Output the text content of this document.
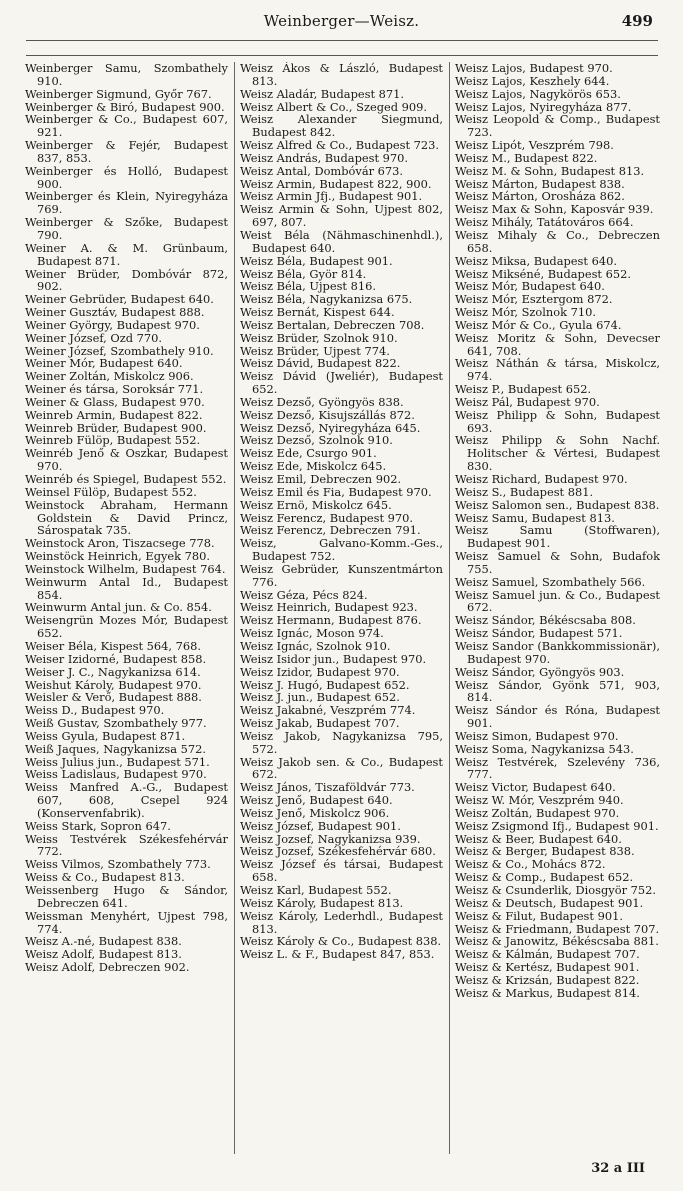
Weinberger—Weisz.	499

Weinberger Samu, Szombathely 910.

Weinberger Sigmund, Győr 767.

Weinberger & Biró, Budapest 900.

Weinberger & Co., Budapest 607, 921.

Weinberger & Fejér, Budapest 837, 853.

Weinberger és Holló, Budapest 900.

Weinberger és Klein, Nyiregyháza 769.

Weinberger & Szőke, Budapest 790.

Weiner A. & M. Grünbaum, Budapest 871.

Weiner Brüder, Dombóvár 872, 902.

Weiner Gebrüder, Budapest 640.

Weiner Gusztáv, Budapest 888.

Weiner György, Budapest 970.

Weiner József, Ozd 770.

Weiner József, Szombathely 910.

Weiner Mór, Budapest 640.

Weiner Zoltán, Miskolcz 906.

Weiner és társa, Soroksár 771.

Weiner & Glass, Budapest 970.

Weinreb Armin, Budapest 822.

Weinreb Brüder, Budapest 900.

Weinreb Fülöp, Budapest 552.

Weinréb Jenő & Oszkar, Budapest 970.

Weinréb és Spiegel, Budapest 552.

Weinsel Fülöp, Budapest 552.

Weinstock Abraham, Hermann Goldstein & David Princz, Sárospatak 735.

Weinstock Aron, Tiszacsege 778.

Weinstöck Heinrich, Egyek 780.

Weinstock Wilhelm, Budapest 764.

Weinwurm Antal Id., Budapest 854.

Weinwurm Antal jun. & Co. 854.

Weisengrün Mozes Mór, Budapest 652.

Weiser Béla, Kispest 564, 768.

Weiser Izidorné, Budapest 858.

Weiser J. C., Nagykanizsa 614.

Weishut Károly, Budapest 970.

Weisler & Verő, Budapest 888.

Weiss D., Budapest 970.

Weiß Gustav, Szombathely 977.

Weiss Gyula, Budapest 871.

Weiß Jaques, Nagykanizsa 572.

Weiss Julius jun., Budapest 571.

Weiss Ladislaus, Budapest 970.

Weiss Manfred A.-G., Budapest 607, 608, Csepel 924 (Konservenfabrik).

Weiss Stark, Sopron 647.

Weiss Testvérek Székesfehérvár 772.

Weiss Vilmos, Szombathely 773.

Weiss & Co., Budapest 813.

Weissenberg Hugo & Sándor, Debreczen 641.

Weissman Menyhért, Ujpest 798, 774.

Weisz A.-né, Budapest 838.

Weisz Adolf, Budapest 813.

Weisz Adolf, Debreczen 902.

Weisz Ákos & László, Budapest 813.

Weisz Aladár, Budapest 871.

Weisz Albert & Co., Szeged 909.

Weisz Alexander Siegmund, Budapest 842.

Weisz Alfred & Co., Budapest 723.

Weisz András, Budapest 970.

Weisz Antal, Dombóvár 673.

Weisz Armin, Budapest 822, 900.

Weisz Armin Jfj., Budapest 901.

Weisz Armin & Sohn, Ujpest 802, 697, 807.

Weist Béla (Nähmaschinenhdl.), Budapest 640.

Weisz Béla, Budapest 901.

Weisz Béla, Györ 814.

Weisz Béla, Ujpest 816.

Weisz Béla, Nagykanizsa 675.

Weisz Bernát, Kispest 644.

Weisz Bertalan, Debreczen 708.

Weisz Brüder, Szolnok 910.

Weisz Brüder, Ujpest 774.

Weisz Dávid, Budapest 822.

Weisz Dávid (Jweliér), Budapest 652.

Weisz Dezső, Gyöngyös 838.

Weisz Dezső, Kisujszállás 872.

Weisz Dezső, Nyiregyháza 645.

Weisz Dezső, Szolnok 910.

Weisz Ede, Csurgo 901.

Weisz Ede, Miskolcz 645.

Weisz Emil, Debreczen 902.

Weisz Emil és Fia, Budapest 970.

Weisz Ernö, Miskolcz 645.

Weisz Ferencz, Budapest 970.

Weisz Ferencz, Debreczen 791.

Weisz, Galvano-Komm.-Ges., Budapest 752.

Weisz Gebrüder, Kunszentmárton 776.

Weisz Géza, Pécs 824.

Weisz Heinrich, Budapest 923.

Weisz Hermann, Budapest 876.

Weisz Ignác, Moson 974.

Weisz Ignác, Szolnok 910.

Weisz Isidor jun., Budapest 970.

Weisz Izidor, Budapest 970.

Weisz J. Hugó, Budapest 652.

Weisz J. jun., Budapest 652.

Weisz Jakabné, Veszprém 774.

Weisz Jakab, Budapest 707.

Weisz Jakob, Nagykanizsa 795, 572.

Weisz Jakob sen. & Co., Budapest 672.

Weisz János, Tiszaföldvár 773.

Weisz Jenő, Budapest 640.

Weisz Jenő, Miskolcz 906.

Weisz József, Budapest 901.

Weisz Jozsef, Nagykanizsa 939.

Weisz Jozsef, Székesfehérvár 680.

Weisz József és társai, Budapest 658.

Weisz Karl, Budapest 552.

Weisz Károly, Budapest 813.

Weisz Károly, Lederhdl., Budapest 813.

Weisz Károly & Co., Budapest 838.

Weisz L. & F., Budapest 847, 853.

Weisz Lajos, Budapest 970.

Weisz Lajos, Keszhely 644.

Weisz Lajos, Nagykörös 653.

Weisz Lajos, Nyiregyháza 877.

Weisz Leopold & Comp., Budapest 723.

Weisz Lipót, Veszprém 798.

Weisz M., Budapest 822.

Weisz M. & Sohn, Budapest 813.

Weisz Márton, Budapest 838.

Weisz Márton, Orosháza 862.

Weisz Max & Sohn, Kaposvár 939.

Weisz Mihály, Tatátováros 664.

Weisz Mihaly & Co., Debreczen 658.

Weisz Miksa, Budapest 640.

Weisz Mikséné, Budapest 652.

Weisz Mór, Budapest 640.

Weisz Mór, Esztergom 872.

Weisz Mór, Szolnok 710.

Weisz Mór & Co., Gyula 674.

Weisz Moritz & Sohn, Devecser 641, 708.

Weisz Náthán & társa, Miskolcz, 974.

Weisz P., Budapest 652.

Weisz Pál, Budapest 970.

Weisz Philipp & Sohn, Budapest 693.

Weisz Philipp & Sohn Nachf. Holitscher & Vértesi, Budapest 830.

Weisz Richard, Budapest 970.

Weisz S., Budapest 881.

Weisz Salomon sen., Budapest 838.

Weisz Samu, Budapest 813.

Weisz Samu (Stoffwaren), Budapest 901.

Weisz Samuel & Sohn, Budafok 755.

Weisz Samuel, Szombathely 566.

Weisz Samuel jun. & Co., Budapest 672.

Weisz Sándor, Békéscsaba 808.

Weisz Sándor, Budapest 571.

Weisz Sandor (Bankkommissionär), Budapest 970.

Weisz Sándor, Gyöngyös 903.

Weisz Sándor, Gyönk 571, 903, 814.

Weisz Sándor és Róna, Budapest 901.

Weisz Simon, Budapest 970.

Weisz Soma, Nagykanizsa 543.

Weisz Testvérek, Szelevény 736, 777.

Weisz Victor, Budapest 640.

Weisz W. Mór, Veszprém 940.

Weisz Zoltán, Budapest 970.

Weisz Zsigmond Ifj., Budapest 901.

Weisz & Beer, Budapest 640.

Weisz & Berger, Budapest 838.

Weisz & Co., Mohács 872.

Weisz & Comp., Budapest 652.

Weisz & Csunderlik, Diosgyör 752.

Weisz & Deutsch, Budapest 901.

Weisz & Filut, Budapest 901.

Weisz & Friedmann, Budapest 707.

Weisz & Janowitz, Békéscsaba 881.

Weisz & Kálmán, Budapest 707.

Weisz & Kertész, Budapest 901.

Weisz & Krizsán, Budapest 822.

Weisz & Markus, Budapest 814.

32 a III
